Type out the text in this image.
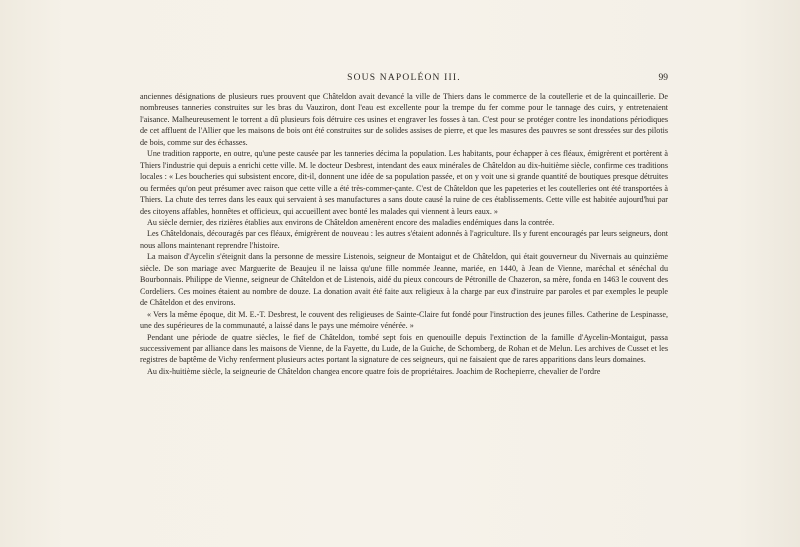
SOUS NAPOLÉON III.	99

anciennes désignations de plusieurs rues prouvent que Châteldon avait devancé la ville de Thiers dans le commerce de la coutellerie et de la quincaillerie. De nombreuses tanneries construites sur les bras du Vauziron, dont l'eau est excellente pour la trempe du fer comme pour le tannage des cuirs, y entretenaient l'aisance. Malheureusement le torrent a dû plusieurs fois détruire ces usines et engraver les fosses à tan. C'est pour se protéger contre les inondations périodiques de cet affluent de l'Allier que les maisons de bois ont été construites sur de solides assises de pierre, et que les masures des pauvres se sont dressées sur des pilotis de bois, comme sur des échasses.

Une tradition rapporte, en outre, qu'une peste causée par les tanneries décima la population. Les habitants, pour échapper à ces fléaux, émigrèrent et portèrent à Thiers l'industrie qui depuis a enrichi cette ville. M. le docteur Desbrest, intendant des eaux minérales de Châteldon au dix-huitième siècle, confirme ces traditions locales : « Les boucheries qui subsistent encore, dit-il, donnent une idée de sa population passée, et on y voit une si grande quantité de boutiques presque détruites ou fermées qu'on peut présumer avec raison que cette ville a été très-commer-çante. C'est de Châteldon que les papeteries et les coutelleries ont été transportées à Thiers. La chute des terres dans les eaux qui servaient à ses manufactures a sans doute causé la ruine de ces établissements. Cette ville est habitée aujourd'hui par des citoyens affables, honnêtes et officieux, qui accueillent avec bonté les malades qui viennent à leurs eaux. »

Au siècle dernier, des rizières établies aux environs de Châteldon amenèrent encore des maladies endémiques dans la contrée.

Les Châteldonais, découragés par ces fléaux, émigrèrent de nouveau : les autres s'étaient adonnés à l'agriculture. Ils y furent encouragés par leurs seigneurs, dont nous allons maintenant reprendre l'histoire.

La maison d'Aycelin s'éteignit dans la personne de messire Listenois, seigneur de Montaigut et de Châteldon, qui était gouverneur du Nivernais au quinzième siècle. De son mariage avec Marguerite de Beaujeu il ne laissa qu'une fille nommée Jeanne, mariée, en 1440, à Jean de Vienne, maréchal et sénéchal du Bourbonnais. Philippe de Vienne, seigneur de Châteldon et de Listenois, aidé du pieux concours de Pétronille de Chazeron, sa mère, fonda en 1463 le couvent des Cordeliers. Ces moines étaient au nombre de douze. La donation avait été faite aux religieux à la charge par eux d'instruire par paroles et par exemples le peuple de Châteldon et des environs.

« Vers la même époque, dit M. E.-T. Desbrest, le couvent des religieuses de Sainte-Claire fut fondé pour l'instruction des jeunes filles. Catherine de Lespinasse, une des supérieures de la communauté, a laissé dans le pays une mémoire vénérée. »

Pendant une période de quatre siècles, le fief de Châteldon, tombé sept fois en quenouille depuis l'extinction de la famille d'Aycelin-Montaigut, passa successivement par alliance dans les maisons de Vienne, de la Fayette, du Lude, de la Guiche, de Schomberg, de Rohan et de Melun. Les archives de Cusset et les registres de baptême de Vichy renferment plusieurs actes portant la signature de ces seigneurs, qui ne faisaient que de rares apparitions dans leurs domaines.

Au dix-huitième siècle, la seigneurie de Châteldon changea encore quatre fois de propriétaires. Joachim de Rochepierre, chevalier de l'ordre
